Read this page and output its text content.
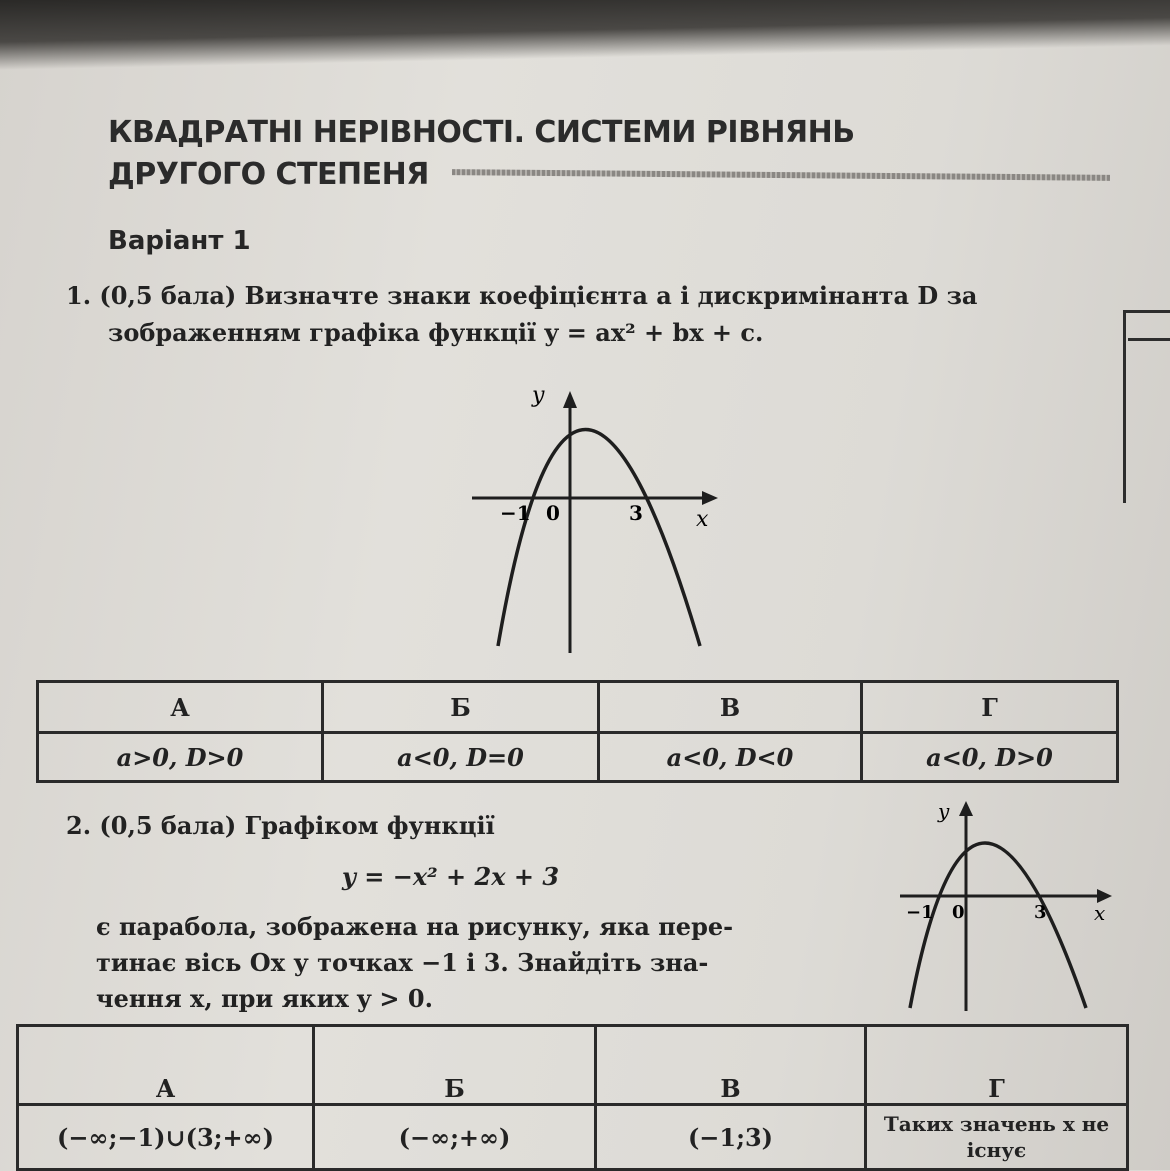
КВАДРАТНІ НЕРІВНОСТІ. СИСТЕМИ РІВНЯНЬ
ДРУГОГО СТЕПЕНЯ
Варіант 1
1. (0,5 бала) Визначте знаки коефіцієнта a і дискримінанта D за
зображенням графіка функції y = ax² + bx + c.
y
x
−1 0	3
А	Б	В	Г
a>0, D>0	a<0, D=0	a<0, D<0	a<0, D>0
2. (0,5 бала) Графіком функції
y = −x² + 2x + 3
є парабола, зображена на рисунку, яка пере-
тинає вісь Ox у точках −1 і 3. Знайдіть зна-
чення x, при яких y > 0.
y
x
−1 0	3
А	Б	В	Г
(−∞;−1)∪(3;+∞)	(−∞;+∞)	(−1;3)	Таких значень x не існує
